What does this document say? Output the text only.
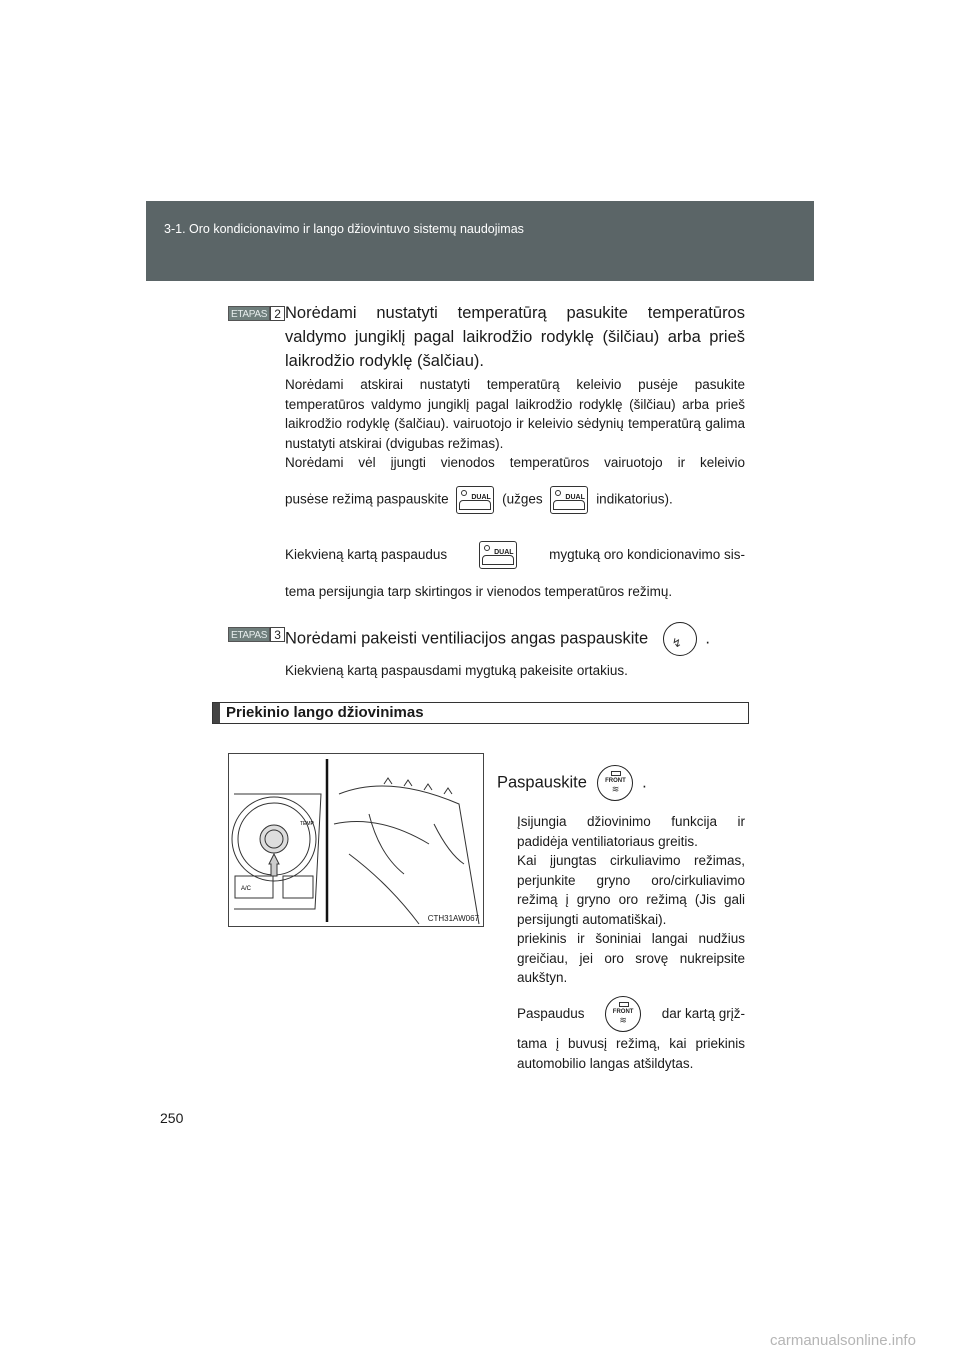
3-1. Oro kondicionavimo ir lango džiovintuvo sistemų naudojimas
ETAPAS 2 Norėdami nustatyti temperatūrą pasukite temperatūros valdymo jungiklį pagal laikrodžio rodyklę (šilčiau) arba prieš laikrodžio rodyklę (šalčiau).
Norėdami atskirai nustatyti temperatūrą keleivio pusėje pasukite temperatūros valdymo jungiklį pagal laikrodžio rodyklę (šilčiau) arba prieš laikrodžio rodyklę (šalčiau). vairuotojo ir keleivio sėdynių temperatūrą galima nustatyti atskirai (dvigubas režimas).
Norėdami vėl įjungti vienodos temperatūros vairuotojo ir keleivio
pusėse režimą paspauskite	DUAL (užges	DUAL indikatorius).
Kiekvieną kartą paspaudus	DUAL	mygtuką oro kondicionavimo sis-
tema persijungia tarp skirtingos ir vienodos temperatūros režimų.
ETAPAS 3 Norėdami pakeisti ventiliacijos angas paspauskite ↯ .
Kiekvieną kartą paspausdami mygtuką pakeisite ortakius.
Priekinio lango džiovinimas
A/C
TEMP
CTH31AW067
Paspauskite	FRONT
≋	.
Įsijungia džiovinimo funkcija ir padidėja ventiliatoriaus greitis.
Kai įjungtas cirkuliavimo režimas, perjunkite gryno oro/cirkuliavimo režimą į gryno oro režimą (Jis gali persijungti automatiškai).
priekinis ir šoniniai langai nudžius greičiau, jei oro srovę nukreipsite aukštyn.
Paspaudus	FRONT
≋	dar kartą grįž-
tama į buvusį režimą, kai priekinis automobilio langas atšildytas.
250
carmanualsonline.info
